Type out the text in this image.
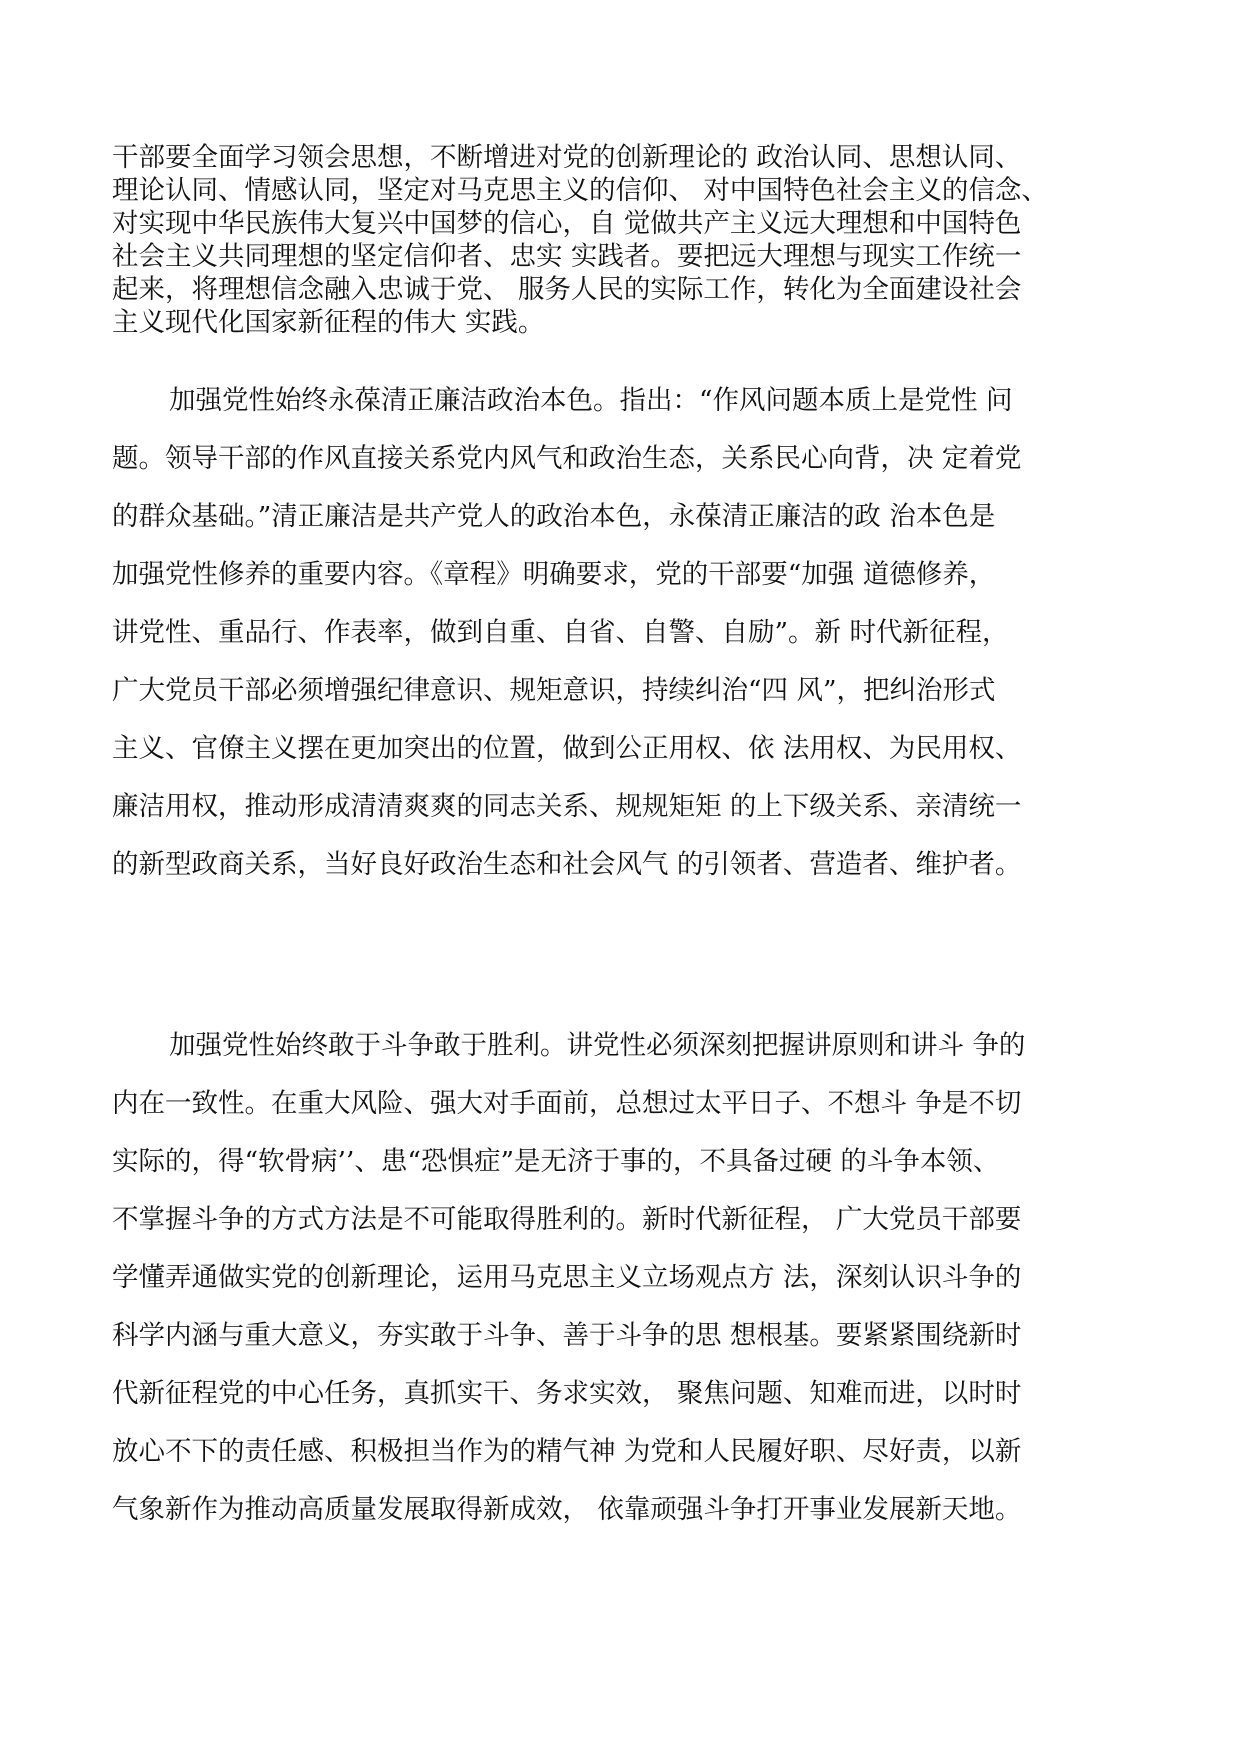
干部要全面学习领会思想，不断增进对党的创新理论的 政治认同、思想认同、
理论认同、情感认同，坚定对马克思主义的信仰、 对中国特色社会主义的信念、
对实现中华民族伟大复兴中国梦的信心，自 觉做共产主义远大理想和中国特色
社会主义共同理想的坚定信仰者、忠实 实践者。要把远大理想与现实工作统一
起来，将理想信念融入忠诚于党、 服务人民的实际工作，转化为全面建设社会
主义现代化国家新征程的伟大 实践。
加强党性始终永葆清正廉洁政治本色。指出：“作风问题本质上是党性 问
题。领导干部的作风直接关系党内风气和政治生态，关系民心向背，决 定着党
的群众基础。”清正廉洁是共产党人的政治本色，永葆清正廉洁的政 治本色是
加强党性修养的重要内容。《章程》明确要求，党的干部要“加强 道德修养，
讲党性、重品行、作表率，做到自重、自省、自警、自励”。新 时代新征程，
广大党员干部必须增强纪律意识、规矩意识，持续纠治“四 风”，把纠治形式
主义、官僚主义摆在更加突出的位置，做到公正用权、依 法用权、为民用权、
廉洁用权，推动形成清清爽爽的同志关系、规规矩矩 的上下级关系、亲清统一
的新型政商关系，当好良好政治生态和社会风气 的引领者、营造者、维护者。
加强党性始终敢于斗争敢于胜利。讲党性必须深刻把握讲原则和讲斗 争的
内在一致性。在重大风险、强大对手面前，总想过太平日子、不想斗 争是不切
实际的，得“软骨病’’、患“恐惧症”是无济于事的，不具备过硬 的斗争本领、
不掌握斗争的方式方法是不可能取得胜利的。新时代新征程， 广大党员干部要
学懂弄通做实党的创新理论，运用马克思主义立场观点方 法，深刻认识斗争的
科学内涵与重大意义，夯实敢于斗争、善于斗争的思 想根基。要紧紧围绕新时
代新征程党的中心任务，真抓实干、务求实效， 聚焦问题、知难而进，以时时
放心不下的责任感、积极担当作为的精气神 为党和人民履好职、尽好责，以新
气象新作为推动高质量发展取得新成效， 依靠顽强斗争打开事业发展新天地。
